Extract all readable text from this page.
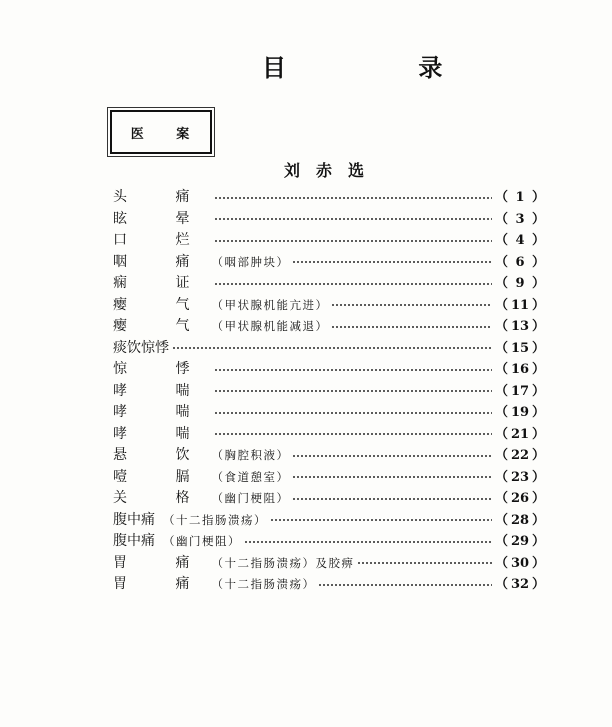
目 录
医 案
刘赤选
头 痛	（ 1 ）
眩 晕	（ 3 ）
口 烂	（ 4 ）
咽 痛（咽部肿块）	（ 6 ）
痫 证	（ 9 ）
瘿 气（甲状腺机能亢进）	（ 11 ）
瘿 气（甲状腺机能减退）	（ 13 ）
痰饮惊悸	（ 15 ）
惊 悸	（ 16 ）
哮 喘	（ 17 ）
哮 喘	（ 19 ）
哮 喘	（ 21 ）
悬 饮（胸腔积液）	（ 22 ）
噎 膈（食道憩室）	（ 23 ）
关 格（幽门梗阻）	（ 26 ）
腹中痛 （十二指肠溃疡）	（ 28 ）
腹中痛 （幽门梗阻）	（ 29 ）
胃 痛（十二指肠溃疡）及胶痹	（ 30 ）
胃 痛（十二指肠溃疡）	（ 32 ）
